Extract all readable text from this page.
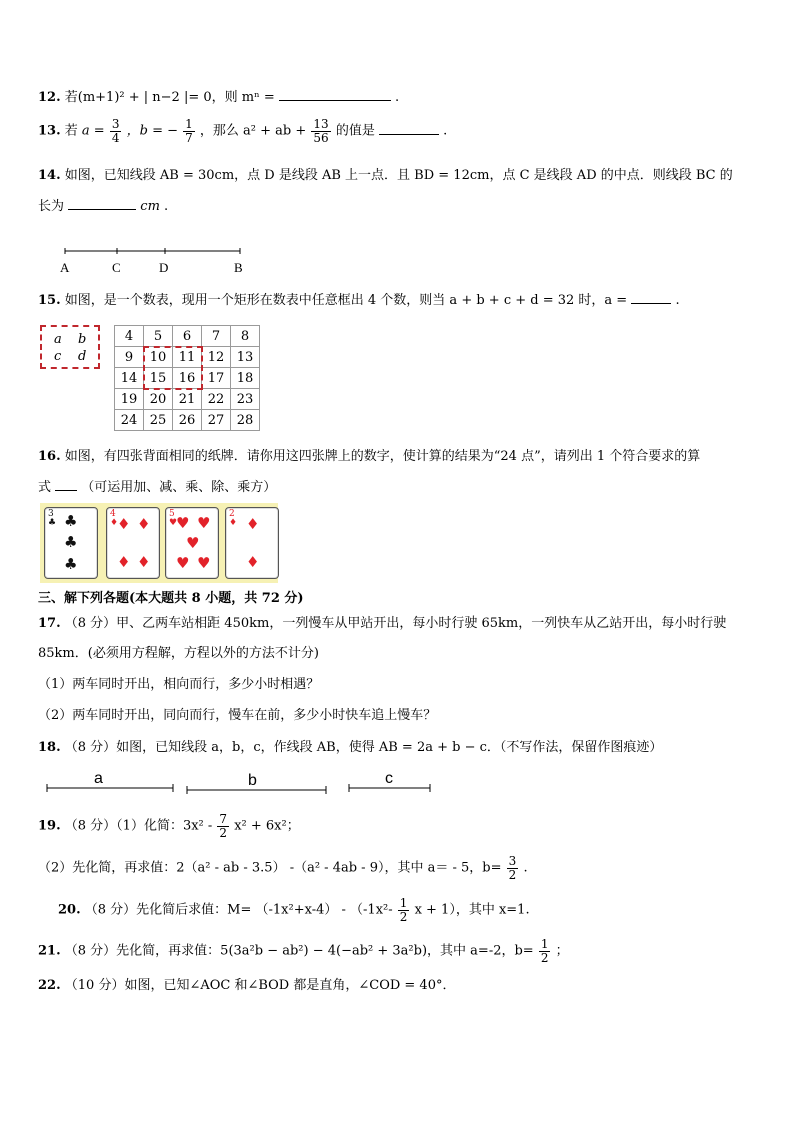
12. 若(m+1)² + | n−2 |= 0，则 mⁿ =	.
13. 若 $a = \frac{3}{4}$ ，b = − $\frac{1}{7}$ ，那么 a² + ab + $\frac{13}{56}$ 的值是	.
14. 如图，已知线段 AB = 30cm，点 D 是线段 AB 上一点．且 BD = 12cm，点 C 是线段 AD 的中点．则线段 BC 的
长为	cm .
A	C	D	B
15. 如图，是一个数表，现用一个矩形在数表中任意框出 4 个数，则当 a + b + c + d = 32 时，a =	.
a b
c d
4	5	6	7	8
9	10	11	12	13
14	15	16	17	18
19	20	21	22	23
24	25	26	27	28
16. 如图，有四张背面相同的纸牌．请你用这四张牌上的数字，使计算的结果为“24 点”，请列出 1 个符合要求的算
式 （可运用加、减、乘、除、乘方）
3
♣ ♣
♣
♣
4
♦
♦ ♦
♦ ♦
5
♥
♥ ♥
♥
♥ ♥
2
♦ ♦
♦
三、解下列各题(本大题共 8 小题，共 72 分)
17. （8 分）甲、乙两车站相距 450km，一列慢车从甲站开出，每小时行驶 65km，一列快车从乙站开出，每小时行驶
85km．(必须用方程解，方程以外的方法不计分)
（1）两车同时开出，相向而行，多少小时相遇？
（2）两车同时开出，同向而行，慢车在前，多少小时快车追上慢车？
18. （8 分）如图，已知线段 a，b，c，作线段 AB，使得 AB = 2a + b − c．（不写作法，保留作图痕迹）
a	b	c
19. （8 分）（1）化简：$3x^2 - \frac{7}{2} x^2 + 6x^2$；
（2）先化简，再求值：2（a² - ab - 3.5） -（a² - 4ab - 9），其中 a＝ - 5，$b= \frac{3}{2}$ .
20. （8 分）先化简后求值：$M= (-1x^2+x-4) - (-1x^2- \frac{1}{2}$ x + 1），其中 x=1.
21. （8 分）先化简，再求值：5(3a²b − ab²) − 4(−ab² + 3a²b)，其中 a=-2，$b= \frac{1}{2}$ ；
22. （10 分）如图，已知∠AOC 和∠BOD 都是直角，∠COD = 40°．
